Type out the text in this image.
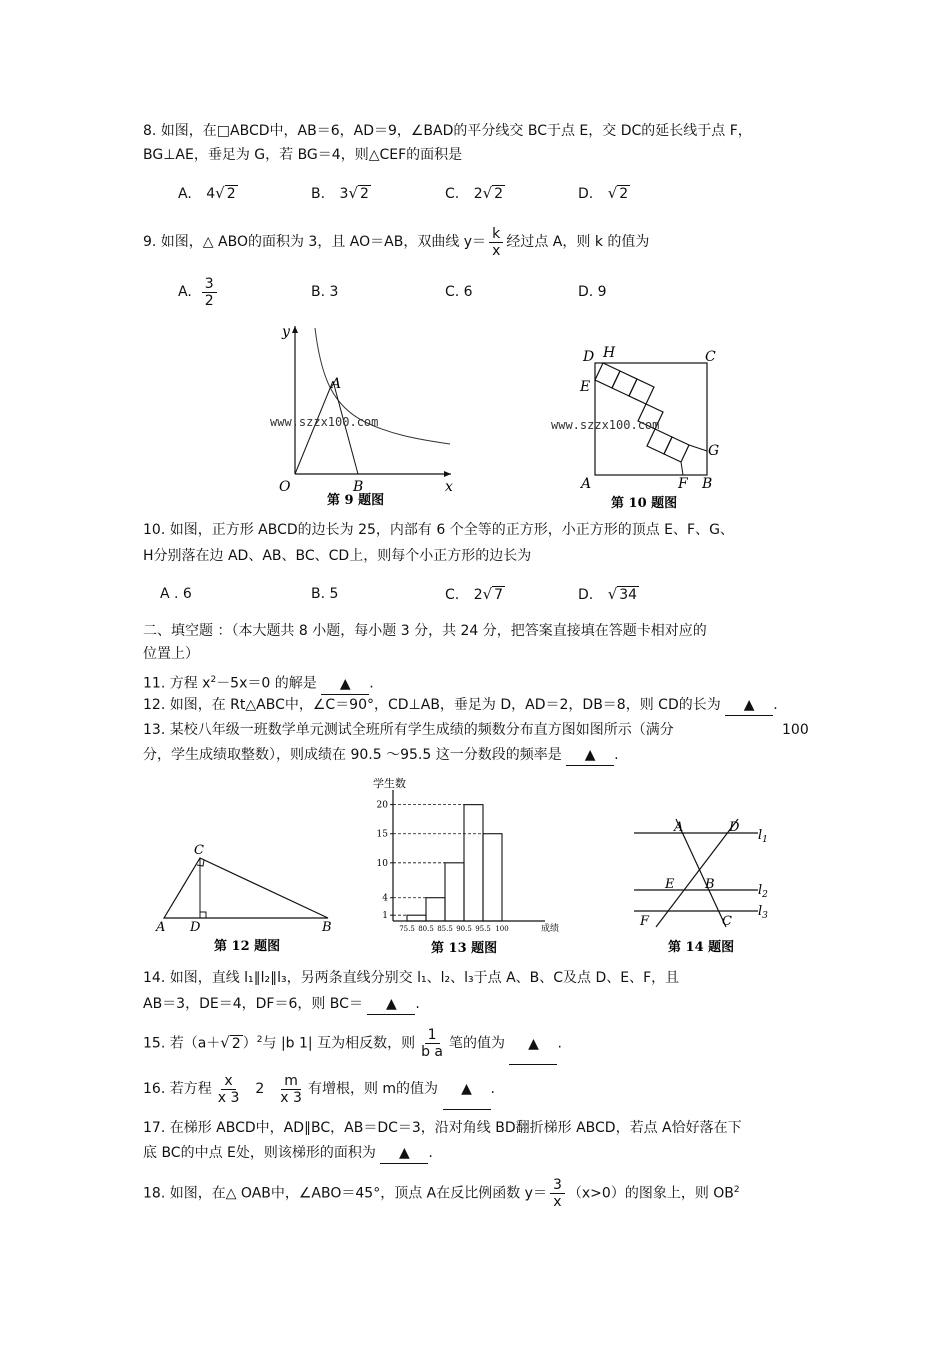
8. 如图，在□ABCD中，AB＝6，AD＝9，∠BAD的平分线交 BC于点 E，交 DC的延长线于点 F，
BG⊥AE，垂足为 G，若 BG＝4，则△CEF的面积是
A. 4√ 2	B. 3√ 2	C. 2√ 2	D. √ 2
9. 如图，△ ABO的面积为 3，且 AO＝AB，双曲线 $y= \frac{k}{x}$ 经过点 A，则 k 的值为
A. $\frac{3}{2}$	B. 3	C. 6	D. 9
y
x
O
A
B
www.szzx100.com
第 9 题图
D H	C
E
G
A	F B
www.szzx100.com
第 10 题图
10. 如图，正方形 ABCD的边长为 25，内部有 6 个全等的正方形，小正方形的顶点 E、F、G、
H分别落在边 AD、AB、BC、CD上，则每个小正方形的边长为
A . 6	B. 5	C. 2√ 7	D. √ 34
二、填空题 ：（本大题共 8 小题，每小题 3 分，共 24 分，把答案直接填在答题卡相对应的
位置上）
11. 方程 $x^2-5x=0$ 的解是 ▲ .
12. 如图，在 Rt△ABC中，∠C＝90°，CD⊥AB，垂足为 D，AD＝2，DB＝8，则 CD的长为 ▲ .
13. 某校八年级一班数学单元测试全班所有学生成绩的频数分布直方图如图所示（满分	100
分，学生成绩取整数），则成绩在 90.5 ～95.5 这一分数段的频率是 ▲ .
C
A D	B
第 12 题图
学生数
成绩
1
4
10
15
20
75.5 80.5 85.5 90.5 95.5 100
第 13 题图
A	D
$l_1$
E B	$l_2$
F	C
$l_3$
第 14 题图
14. 如图，直线 l₁∥l₂∥l₃，另两条直线分别交 l₁、l₂、l₃于点 A、B、C及点 D、E、F，且
AB＝3，DE＝4，DF＝6，则 BC＝ ▲ .
15. 若（a＋√ 2 ）$^2$与 |b 1| 互为相反数，则 $\frac{1}{\text{b a}}$ 笔的值为 ▲ .
16. 若方程 $\frac{x}{x 3} 2 \frac{m}{x 3}$ 有增根，则 m的值为 ▲ .
17. 在梯形 ABCD中，AD∥BC，AB＝DC＝3，沿对角线 BD翻折梯形 ABCD，若点 A恰好落在下
底 BC的中点 E处，则该梯形的面积为 ▲ .
18. 如图，在△ OAB中，∠ABO＝45°，顶点 A在反比例函数 $y= \frac{3}{x} (x>0)$的图象上，则 $OB^2$
